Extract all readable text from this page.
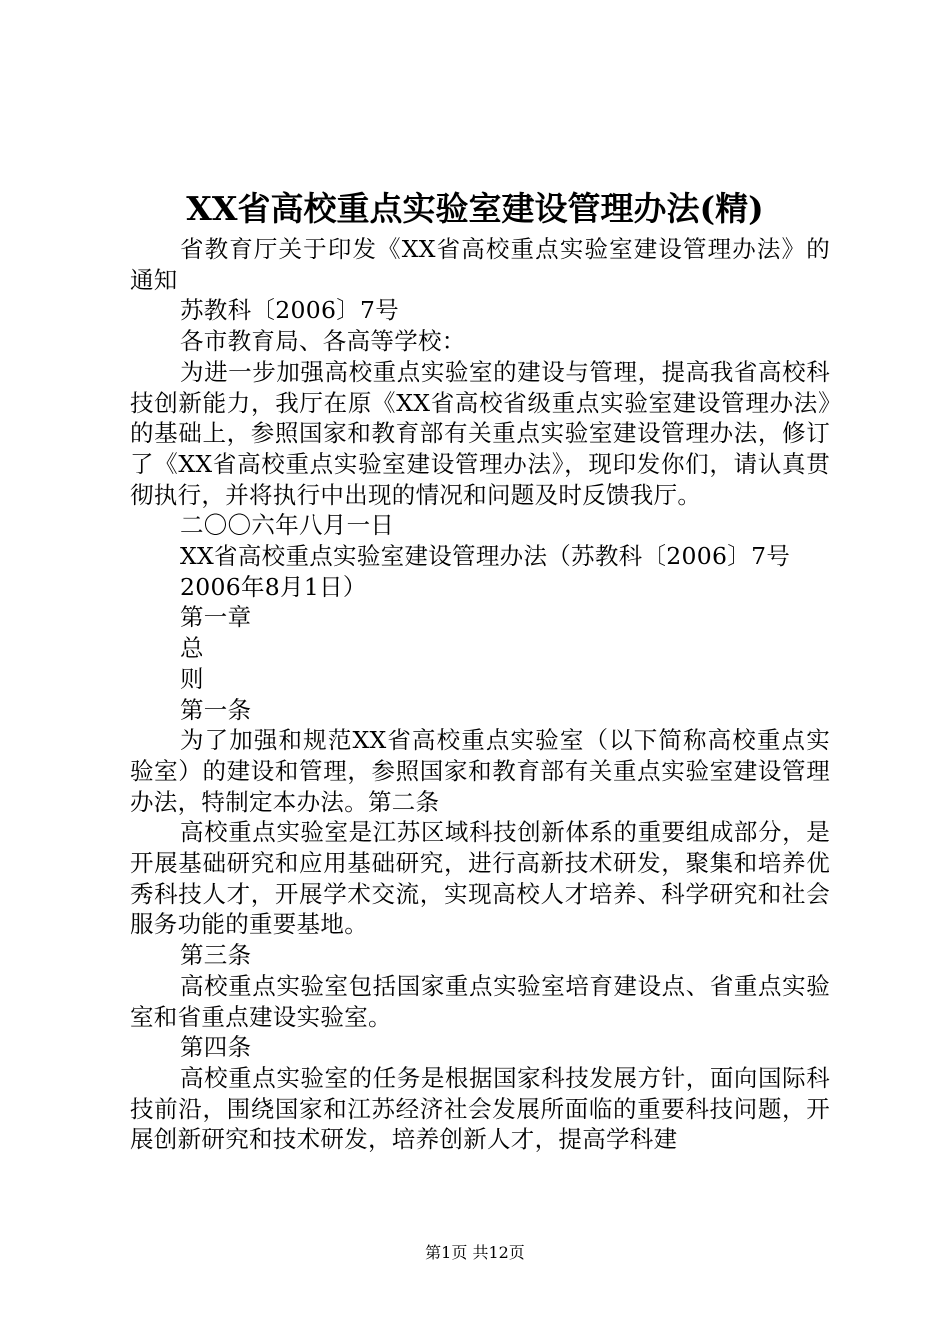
XX省高校重点实验室建设管理办法(精)

省教育厅关于印发《XX省高校重点实验室建设管理办法》的通知

苏教科〔2006〕7号

各市教育局、各高等学校：

为进一步加强高校重点实验室的建设与管理，提高我省高校科技创新能力，我厅在原《XX省高校省级重点实验室建设管理办法》的基础上，参照国家和教育部有关重点实验室建设管理办法，修订了《XX省高校重点实验室建设管理办法》，现印发你们，请认真贯彻执行，并将执行中出现的情况和问题及时反馈我厅。

二〇〇六年八月一日

XX省高校重点实验室建设管理办法（苏教科〔2006〕7号

2006年8月1日）

第一章

总

则

第一条

为了加强和规范XX省高校重点实验室（以下简称高校重点实验室）的建设和管理，参照国家和教育部有关重点实验室建设管理办法，特制定本办法。第二条

高校重点实验室是江苏区域科技创新体系的重要组成部分，是开展基础研究和应用基础研究，进行高新技术研发，聚集和培养优秀科技人才，开展学术交流，实现高校人才培养、科学研究和社会服务功能的重要基地。

第三条

高校重点实验室包括国家重点实验室培育建设点、省重点实验室和省重点建设实验室。

第四条

高校重点实验室的任务是根据国家科技发展方针，面向国际科技前沿，围绕国家和江苏经济社会发展所面临的重要科技问题，开展创新研究和技术研发，培养创新人才，提高学科建

第1页 共12页
